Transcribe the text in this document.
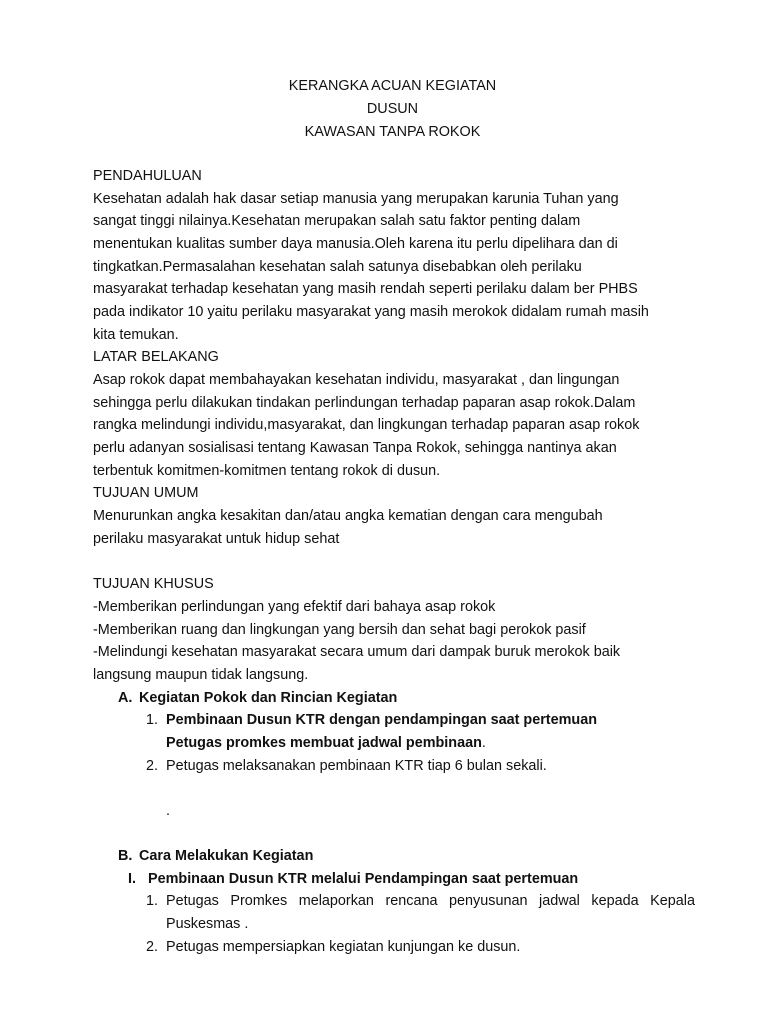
KERANGKA ACUAN KEGIATAN
DUSUN
KAWASAN TANPA ROKOK
PENDAHULUAN
Kesehatan adalah hak dasar setiap manusia yang merupakan karunia Tuhan yang
sangat tinggi nilainya.Kesehatan merupakan salah satu faktor penting dalam
menentukan kualitas sumber daya manusia.Oleh karena itu perlu dipelihara dan di
tingkatkan.Permasalahan kesehatan salah satunya disebabkan oleh perilaku
masyarakat terhadap kesehatan yang masih rendah seperti perilaku dalam ber PHBS
pada indikator 10 yaitu perilaku masyarakat yang masih merokok didalam rumah masih
kita temukan.
LATAR BELAKANG
Asap rokok dapat membahayakan kesehatan individu, masyarakat , dan lingungan
sehingga perlu dilakukan tindakan perlindungan terhadap paparan asap rokok.Dalam
rangka melindungi individu,masyarakat, dan lingkungan terhadap paparan asap rokok
perlu adanyan sosialisasi tentang Kawasan Tanpa Rokok, sehingga nantinya akan
terbentuk komitmen-komitmen tentang rokok di dusun.
TUJUAN UMUM
Menurunkan angka kesakitan dan/atau angka kematian dengan cara mengubah
perilaku masyarakat untuk hidup sehat
TUJUAN KHUSUS
-Memberikan perlindungan yang efektif dari bahaya asap rokok
-Memberikan ruang dan lingkungan yang bersih dan sehat bagi perokok pasif
-Melindungi kesehatan masyarakat secara umum dari dampak buruk merokok baik
langsung maupun tidak langsung.
A. Kegiatan Pokok dan Rincian Kegiatan
1. Pembinaan Dusun KTR dengan pendampingan saat pertemuan
Petugas promkes membuat jadwal pembinaan.
2. Petugas melaksanakan pembinaan KTR tiap 6 bulan sekali.
.
B. Cara Melakukan Kegiatan
I. Pembinaan Dusun KTR melalui Pendampingan saat pertemuan
1. Petugas Promkes melaporkan rencana penyusunan jadwal kepada Kepala
Puskesmas .
2. Petugas mempersiapkan kegiatan kunjungan ke dusun.
